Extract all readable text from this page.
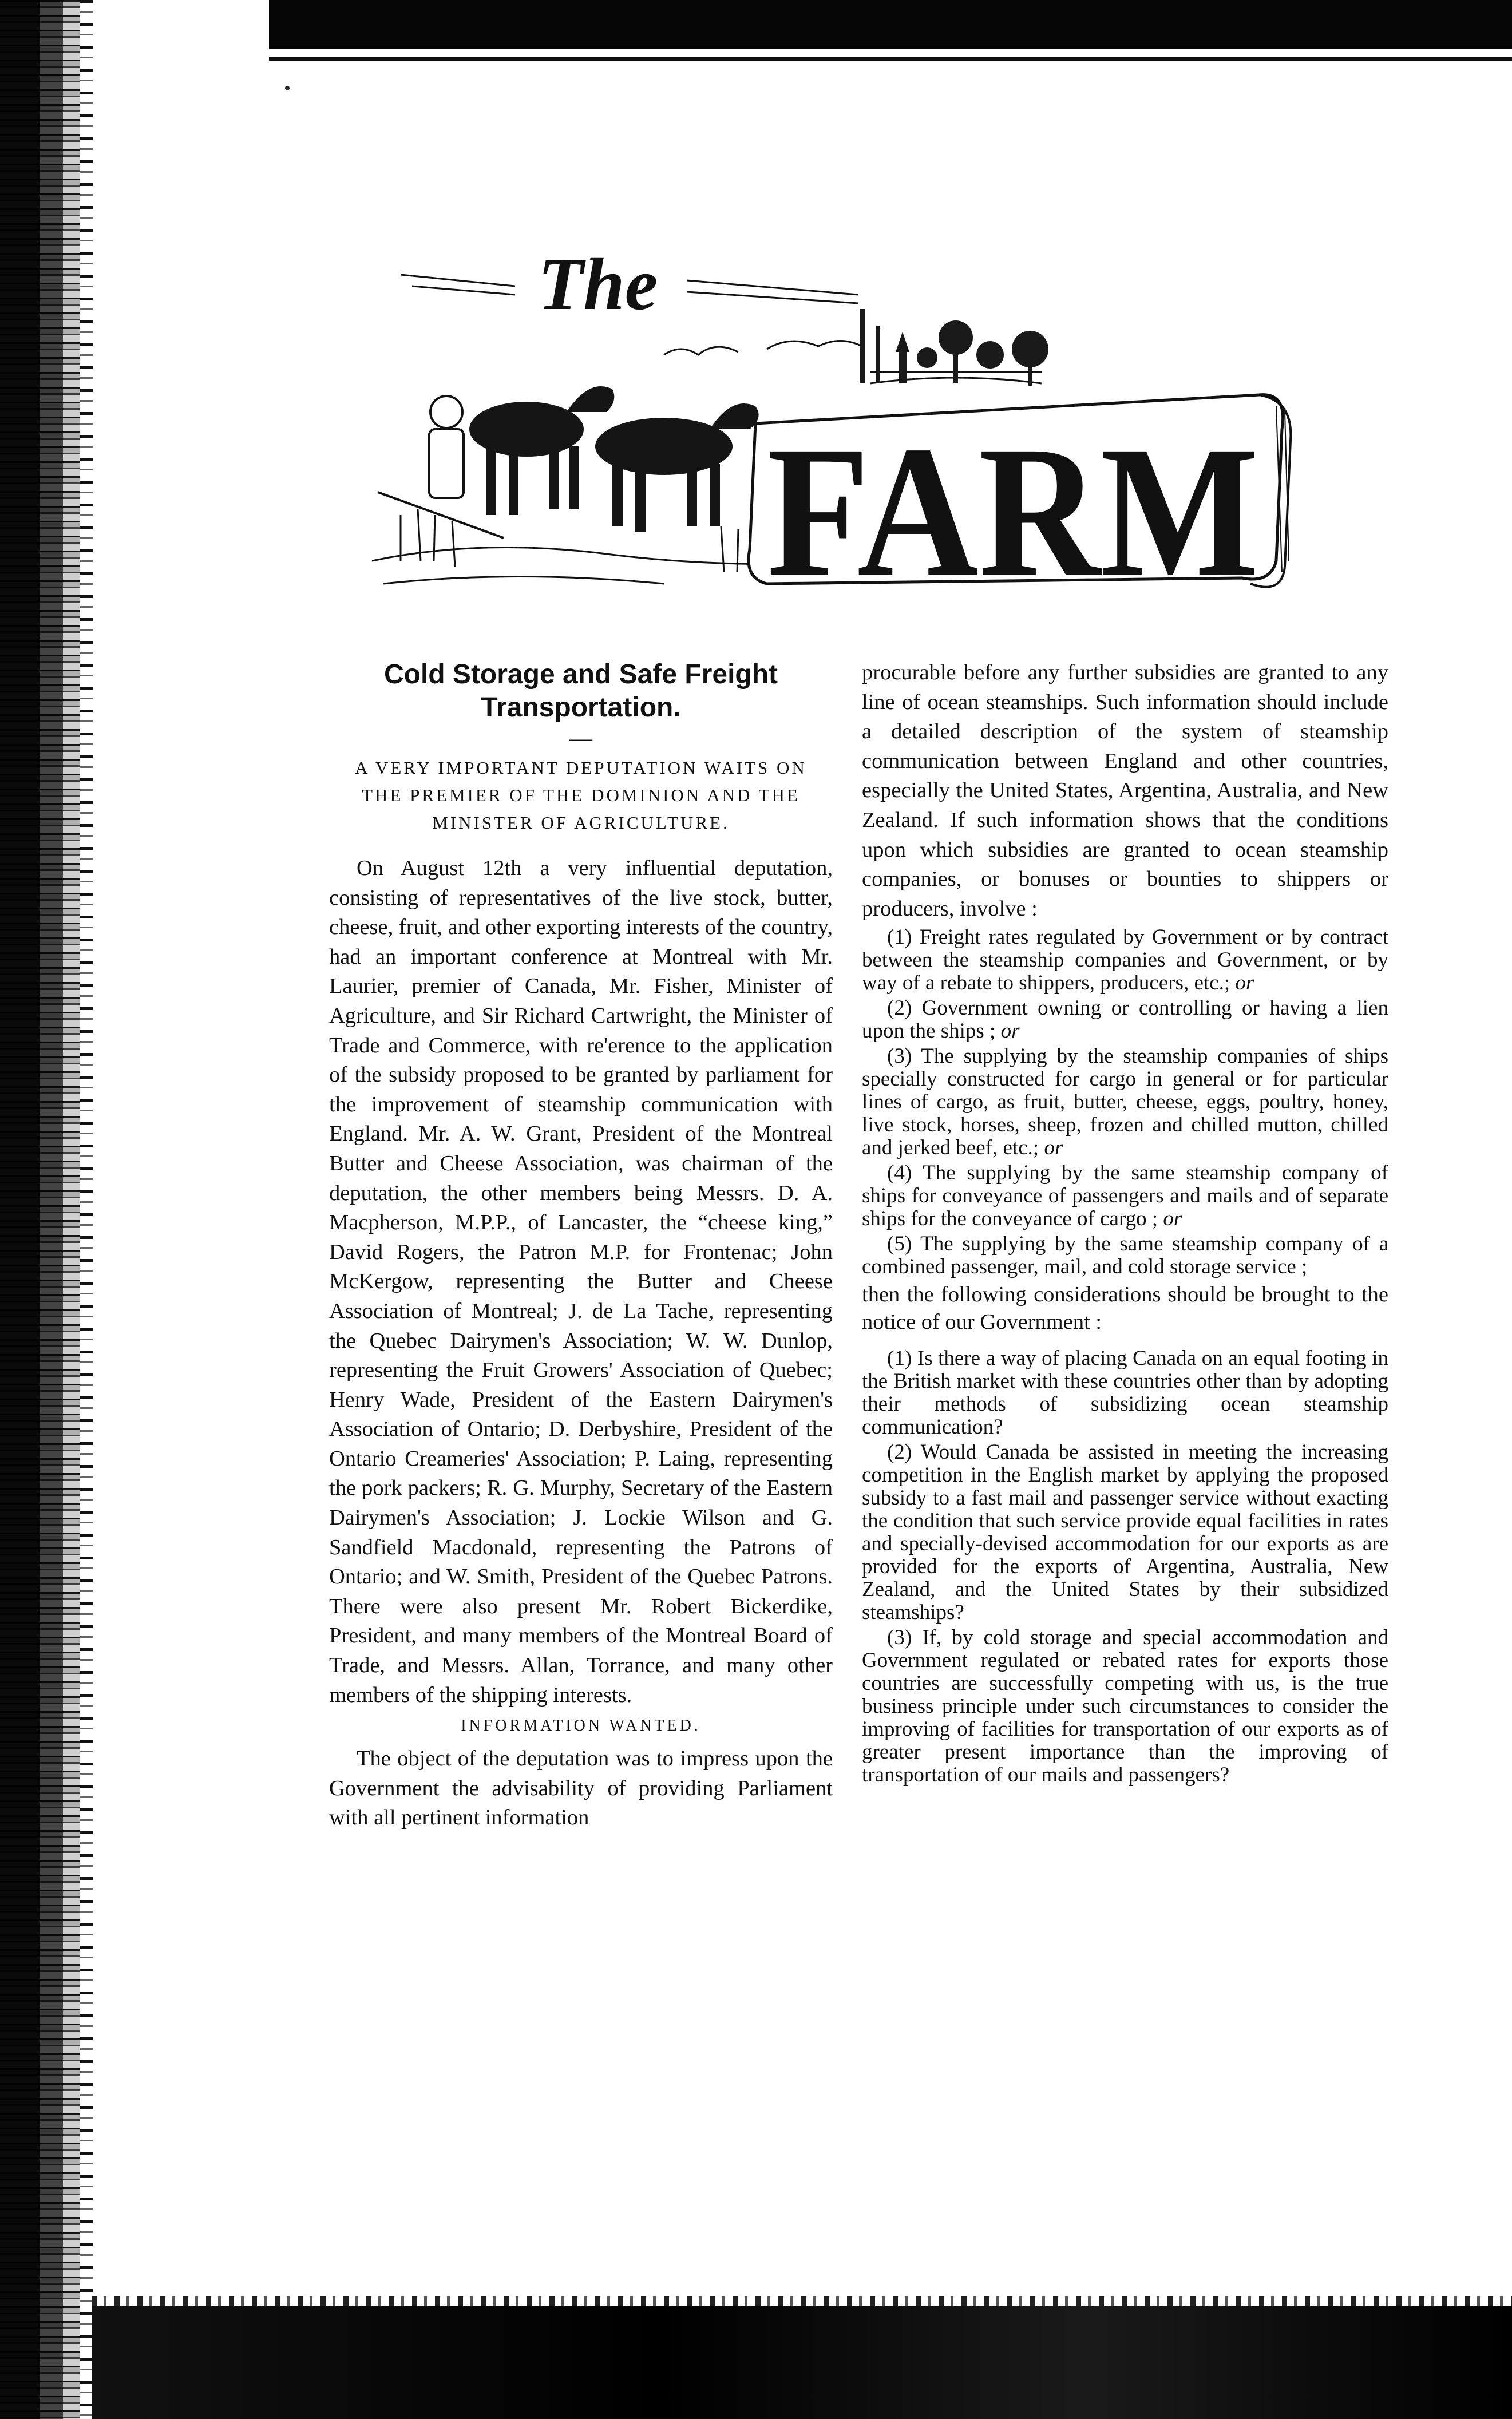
The
FARM
Cold Storage and Safe Freight Transportation.
—
A VERY IMPORTANT DEPUTATION WAITS ON
THE PREMIER OF THE DOMINION AND THE
MINISTER OF AGRICULTURE.

On August 12th a very influential deputation, consisting of representatives of the live stock, butter, cheese, fruit, and other exporting interests of the country, had an important conference at Montreal with Mr. Laurier, premier of Canada, Mr. Fisher, Minister of Agriculture, and Sir Richard Cartwright, the Minister of Trade and Commerce, with re'erence to the application of the subsidy proposed to be granted by parliament for the improvement of steamship communication with England. Mr. A. W. Grant, President of the Montreal Butter and Cheese Association, was chairman of the deputation, the other members being Messrs. D. A. Macpherson, M.P.P., of Lancaster, the “cheese king,” David Rogers, the Patron M.P. for Frontenac; John McKergow, representing the Butter and Cheese Association of Montreal; J. de La Tache, representing the Quebec Dairymen's Association; W. W. Dunlop, representing the Fruit Growers' Association of Quebec; Henry Wade, President of the Eastern Dairymen's Association of Ontario; D. Derbyshire, President of the Ontario Creameries' Association; P. Laing, representing the pork packers; R. G. Murphy, Secretary of the Eastern Dairymen's Association; J. Lockie Wilson and G. Sandfield Macdonald, representing the Patrons of Ontario; and W. Smith, President of the Quebec Patrons. There were also present Mr. Robert Bickerdike, President, and many members of the Montreal Board of Trade, and Messrs. Allan, Torrance, and many other members of the shipping interests.

INFORMATION WANTED.

The object of the deputation was to impress upon the Government the advisability of providing Parliament with all pertinent information

procurable before any further subsidies are granted to any line of ocean steamships. Such information should include a detailed description of the system of steamship communication between England and other countries, especially the United States, Argentina, Australia, and New Zealand. If such information shows that the conditions upon which subsidies are granted to ocean steamship companies, or bonuses or bounties to shippers or producers, involve :

(1) Freight rates regulated by Government or by contract between the steamship companies and Government, or by way of a rebate to shippers, producers, etc.; or

(2) Government owning or controlling or having a lien upon the ships ; or

(3) The supplying by the steamship companies of ships specially constructed for cargo in general or for particular lines of cargo, as fruit, butter, cheese, eggs, poultry, honey, live stock, horses, sheep, frozen and chilled mutton, chilled and jerked beef, etc.; or

(4) The supplying by the same steamship company of ships for conveyance of passengers and mails and of separate ships for the conveyance of cargo ; or

(5) The supplying by the same steamship company of a combined passenger, mail, and cold storage service ;

then the following considerations should be brought to the notice of our Government :

(1) Is there a way of placing Canada on an equal footing in the British market with these countries other than by adopting their methods of subsidizing ocean steamship communication?

(2) Would Canada be assisted in meeting the increasing competition in the English market by applying the proposed subsidy to a fast mail and passenger service without exacting the condition that such service provide equal facilities in rates and specially-devised accommodation for our exports as are provided for the exports of Argentina, Australia, New Zealand, and the United States by their subsidized steamships?

(3) If, by cold storage and special accommodation and Government regulated or rebated rates for exports those countries are successfully competing with us, is the true business principle under such circumstances to consider the improving of facilities for transportation of our exports as of greater present importance than the improving of transportation of our mails and passengers?
